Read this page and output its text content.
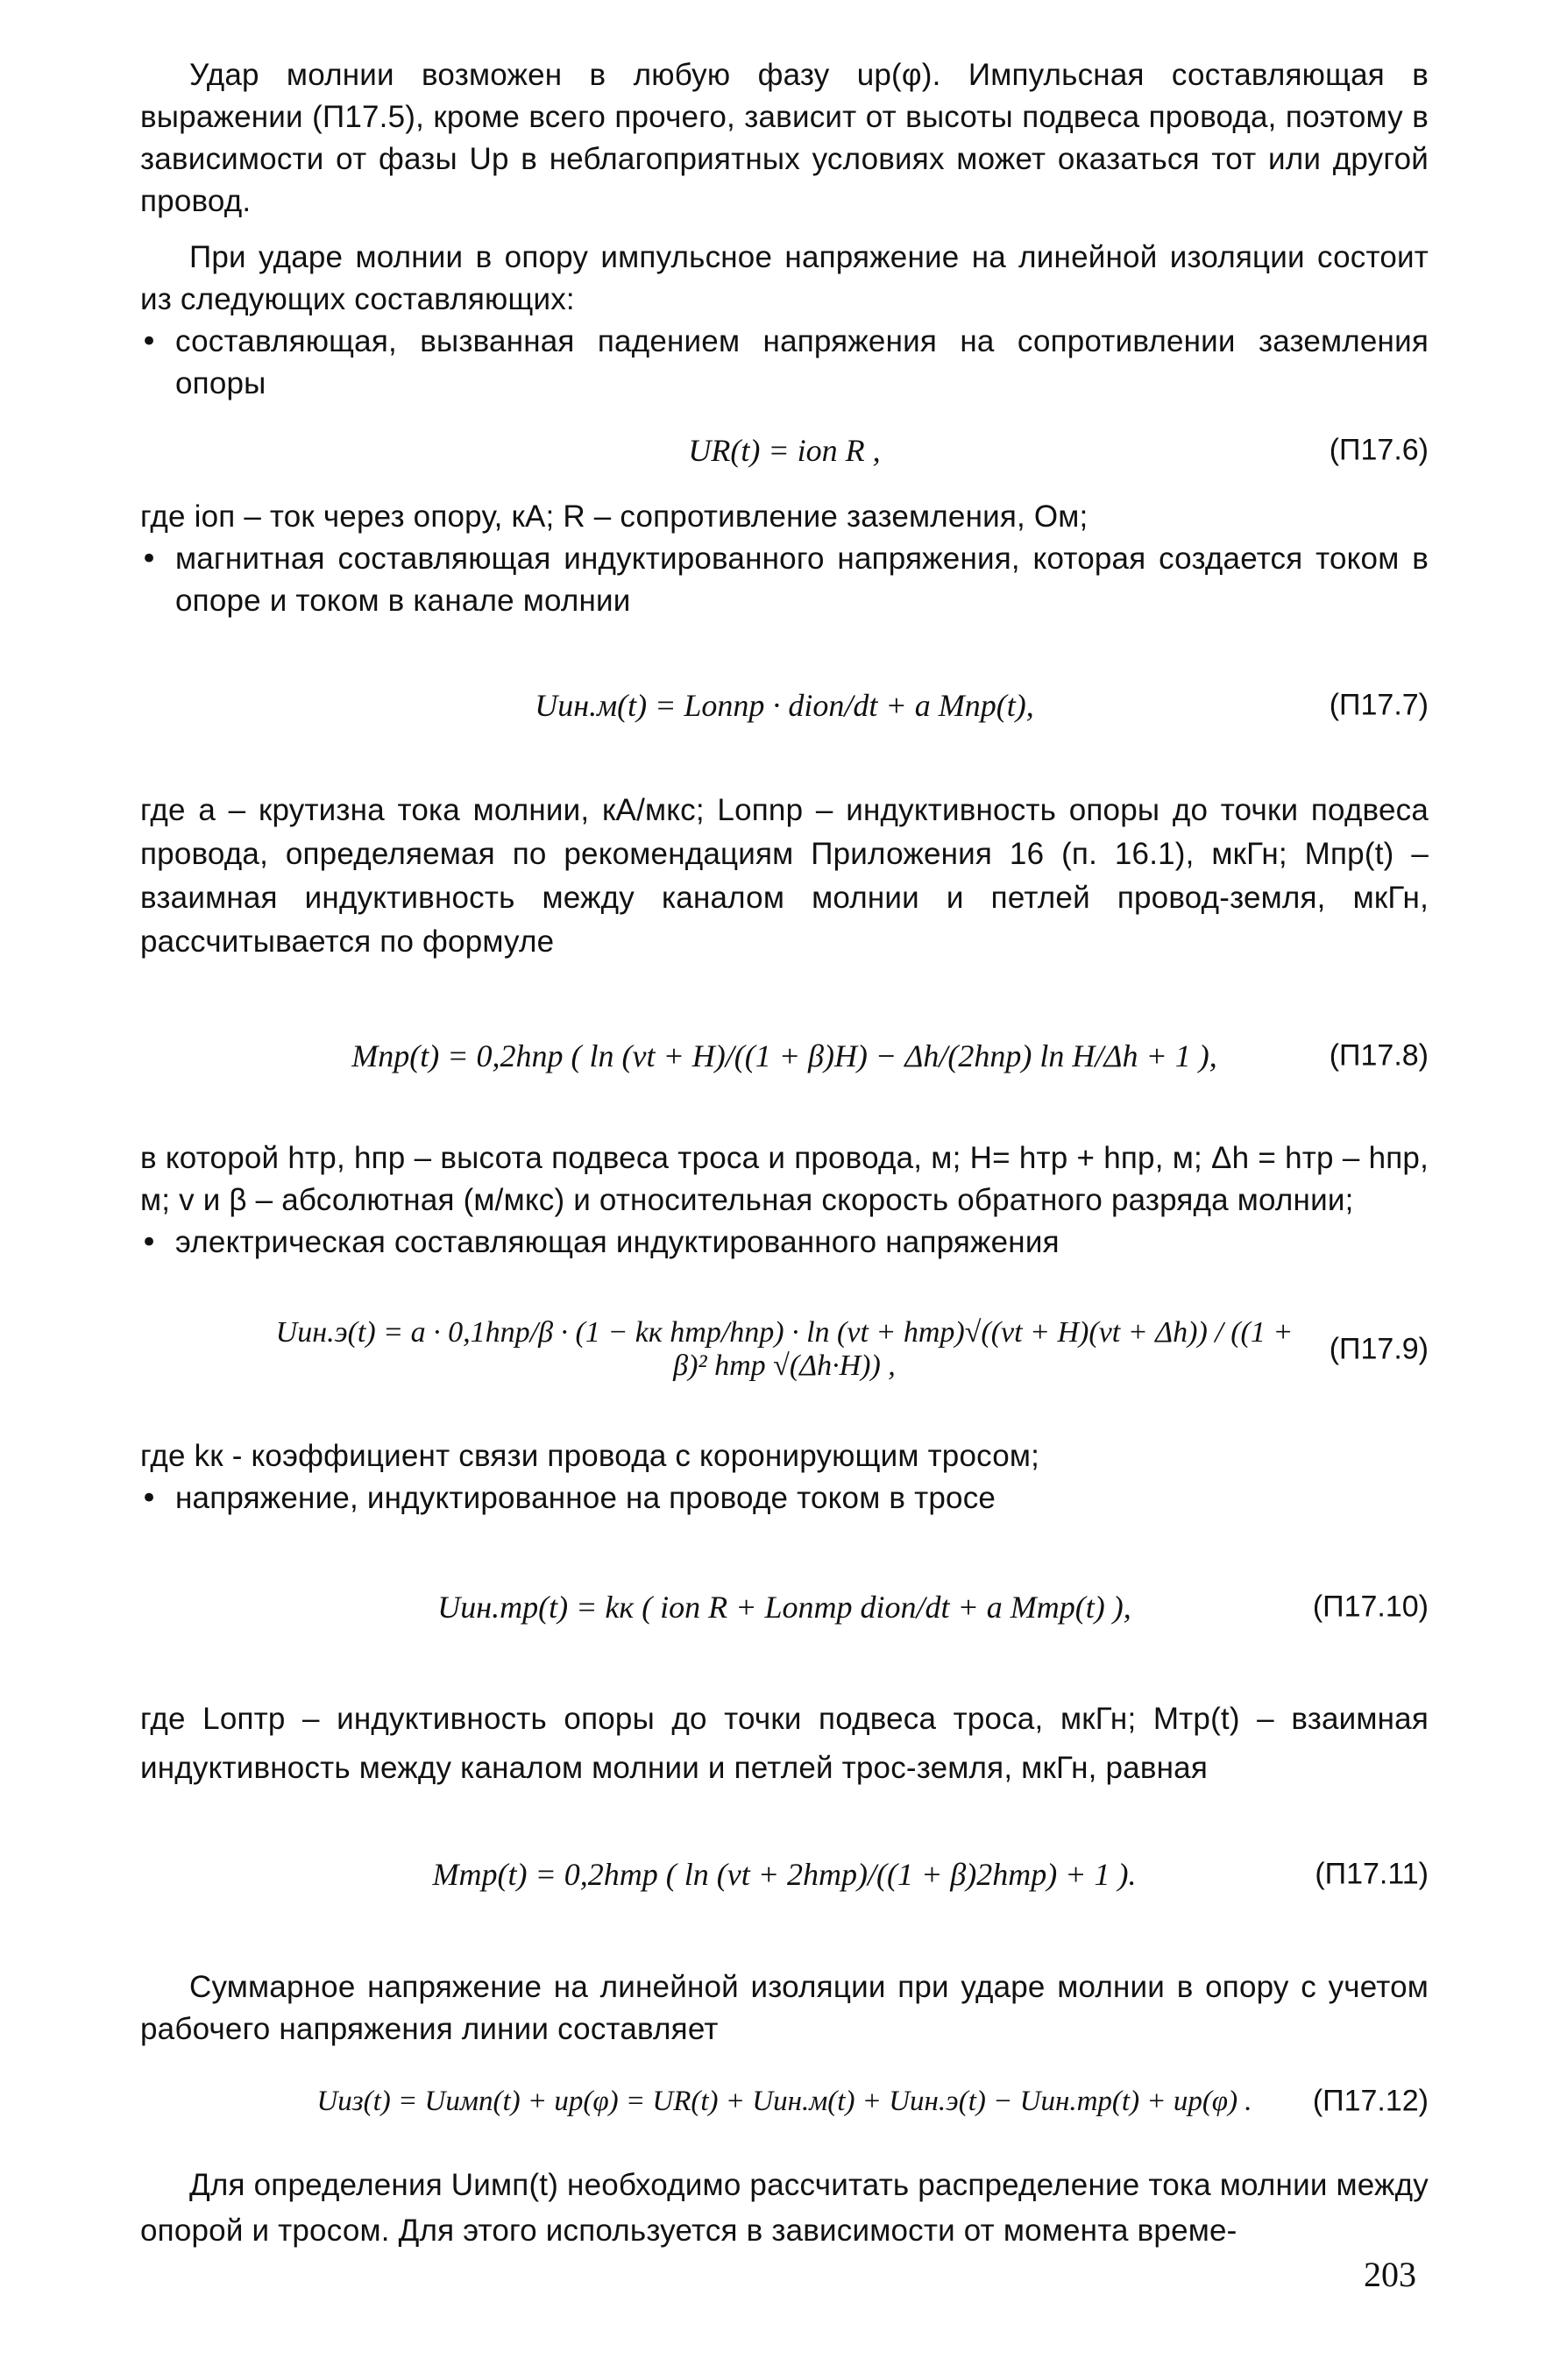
Удар молнии возможен в любую фазу uр(φ). Импульсная составляющая в выражении (П17.5), кроме всего прочего, зависит от высоты подвеса провода, поэтому в зависимости от фазы Uр в неблагоприятных условиях может оказаться тот или другой провод.

При ударе молнии в опору импульсное напряжение на линейной изоляции состоит из следующих составляющих:

• составляющая, вызванная падением напряжения на сопротивлении заземления опоры
UR(t) = iоп R ,	(П17.6)

где iоп – ток через опору, кА; R – сопротивление заземления, Ом;

• магнитная составляющая индуктированного напряжения, которая создается током в опоре и током в канале молнии
Uин.м(t) = Lопnp · diоп/dt + a Mпр(t),	(П17.7)

где a – крутизна тока молнии, кА/мкс; Lопnp – индуктивность опоры до точки подвеса провода, определяемая по рекомендациям Приложения 16 (п. 16.1), мкГн; Mпр(t) – взаимная индуктивность между каналом молнии и петлей провод-земля, мкГн, рассчитывается по формуле

Mпр(t) = 0,2hпр ( ln (vt + H)/((1 + β)H) − Δh/(2hпр) ln H/Δh + 1 ),	(П17.8)

в которой hтр, hпр – высота подвеса троса и провода, м; H= hтр + hпр, м; Δh = hтр – hпр, м; v и β – абсолютная (м/мкс) и относительная скорость обратного разряда молнии;

• электрическая составляющая индуктированного напряжения
Uин.э(t) = a · 0,1hпр/β · (1 − kк hтр/hпр) · ln (vt + hтр)√((vt + H)(vt + Δh)) / ((1 + β)² hтр √(Δh·H)) ,	(П17.9)

где kк - коэффициент связи провода с коронирующим тросом;

• напряжение, индуктированное на проводе током в тросе
Uин.тр(t) = kк ( iоп R + Lоптр diоп/dt + a Mтр(t) ),	(П17.10)

где Lоптр – индуктивность опоры до точки подвеса троса, мкГн; Mтр(t) – взаимная индуктивность между каналом молнии и петлей трос-земля, мкГн, равная

Mтр(t) = 0,2hтр ( ln (vt + 2hтр)/((1 + β)2hтр) + 1 ).	(П17.11)

Суммарное напряжение на линейной изоляции при ударе молнии в опору с учетом рабочего напряжения линии составляет

Uиз(t) = Uимп(t) + uр(φ) = UR(t) + Uин.м(t) + Uин.э(t) − Uин.тр(t) + uр(φ) . (П17.12)

Для определения Uимп(t) необходимо рассчитать распределение тока молнии между опорой и тросом. Для этого используется в зависимости от момента време-

203
